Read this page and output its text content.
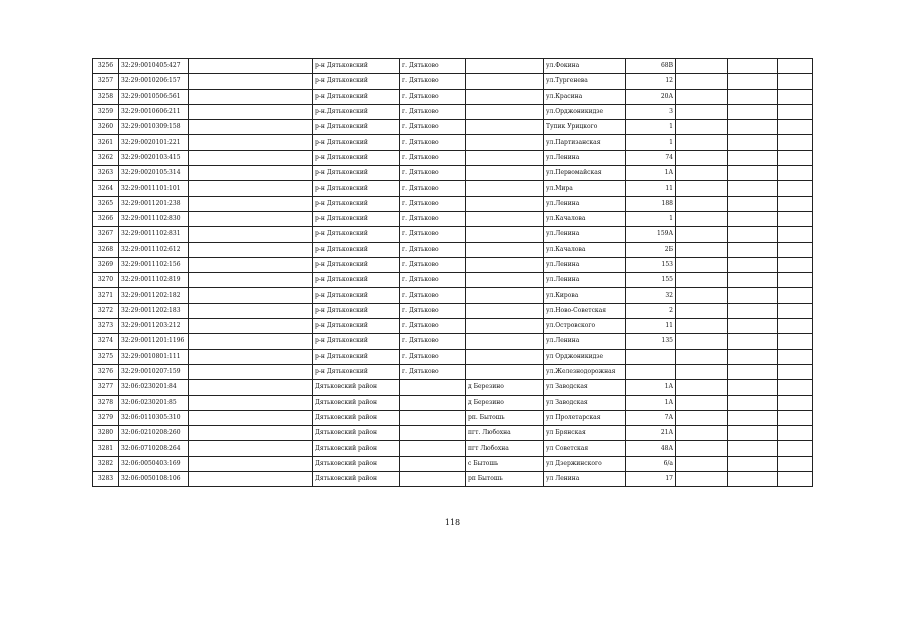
3256	32:29:0010405:427		р-н Дятьковский	г. Дятьково		ул.Фокина	68В			
3257	32:29:0010206:157		р-н Дятьковский	г. Дятьково		ул.Тургенева	12			
3258	32:29:0010506:561		р-н Дятьковский	г. Дятьково		ул.Красина	20А			
3259	32:29:0010606:211		р-н.Дятьковский	г. Дятьково		ул.Орджоникидзе	3			
3260	32:29:0010309:158		р-н Дятьковский	г. Дятьково		Тупик Урицкого	1			
3261	32:29:0020101:221		р-н Дятьковский	г. Дятьково		ул.Партизанская	1			
3262	32:29:0020103:415		р-н Дятьковский	г. Дятьково		ул.Ленина	74			
3263	32:29:0020105:314		р-н Дятьковский	г. Дятьково		ул.Первомайская	1А			
3264	32:29:0011101:101		р-н Дятьковский	г. Дятьково		ул.Мира	11			
3265	32:29:0011201:238		р-н Дятьковский	г. Дятьково		ул.Ленина	188			
3266	32:29:0011102:830		р-н Дятьковский	г. Дятьково		ул.Качалова	1			
3267	32:29:0011102:831		р-н Дятьковский	г. Дятьково		ул.Ленина	159А			
3268	32:29:0011102:612		р-н Дятьковский	г. Дятьково		ул.Качалова	2Б			
3269	32:29:0011102:156		р-н Дятьковский	г. Дятьково		ул.Ленина	153			
3270	32:29:0011102:819		р-н Дятьковский	г. Дятьково		ул.Ленина	155			
3271	32:29:0011202:182		р-н Дятьковский	г. Дятьково		ул.Кирова	32			
3272	32:29:0011202:183		р-н Дятьковский	г. Дятьково		ул.Ново-Советская	2			
3273	32:29:0011203:212		р-н Дятьковский	г. Дятьково		ул.Островского	11			
3274	32:29:0011201:1196		р-н Дятьковский	г. Дятьково		ул.Ленина	135			
3275	32:29:0010801:111		р-н Дятьковский	г. Дятьково		ул Орджоникидзе				
3276	32:29:0010207:159		р-н Дятьковский	г. Дятьково		ул.Железнодорожная				
3277	32:06:0230201:84		Дятьковский район		д Березино	ул Заводская	1А			
3278	32:06:0230201:85		Дятьковский район		д Березино	ул Заводская	1А			
3279	32:06:0110305:310		Дятьковский район		рп. Бытошь	ул Пролетарская	7А			
3280	32:06:0210208:260		Дятьковский район		пгт. Любохна	ул Брянская	21А			
3281	32:06:0710208:264		Дятьковский район		пгт Любохна	ул Советская	48А			
3282	32:06:0050403:169		Дятьковский район		с Бытошь	ул Дзержинского	6/а			
3283	32:06:0050108:106		Дятьковский район		рп Бытошь	ул Ленина	17			
118
